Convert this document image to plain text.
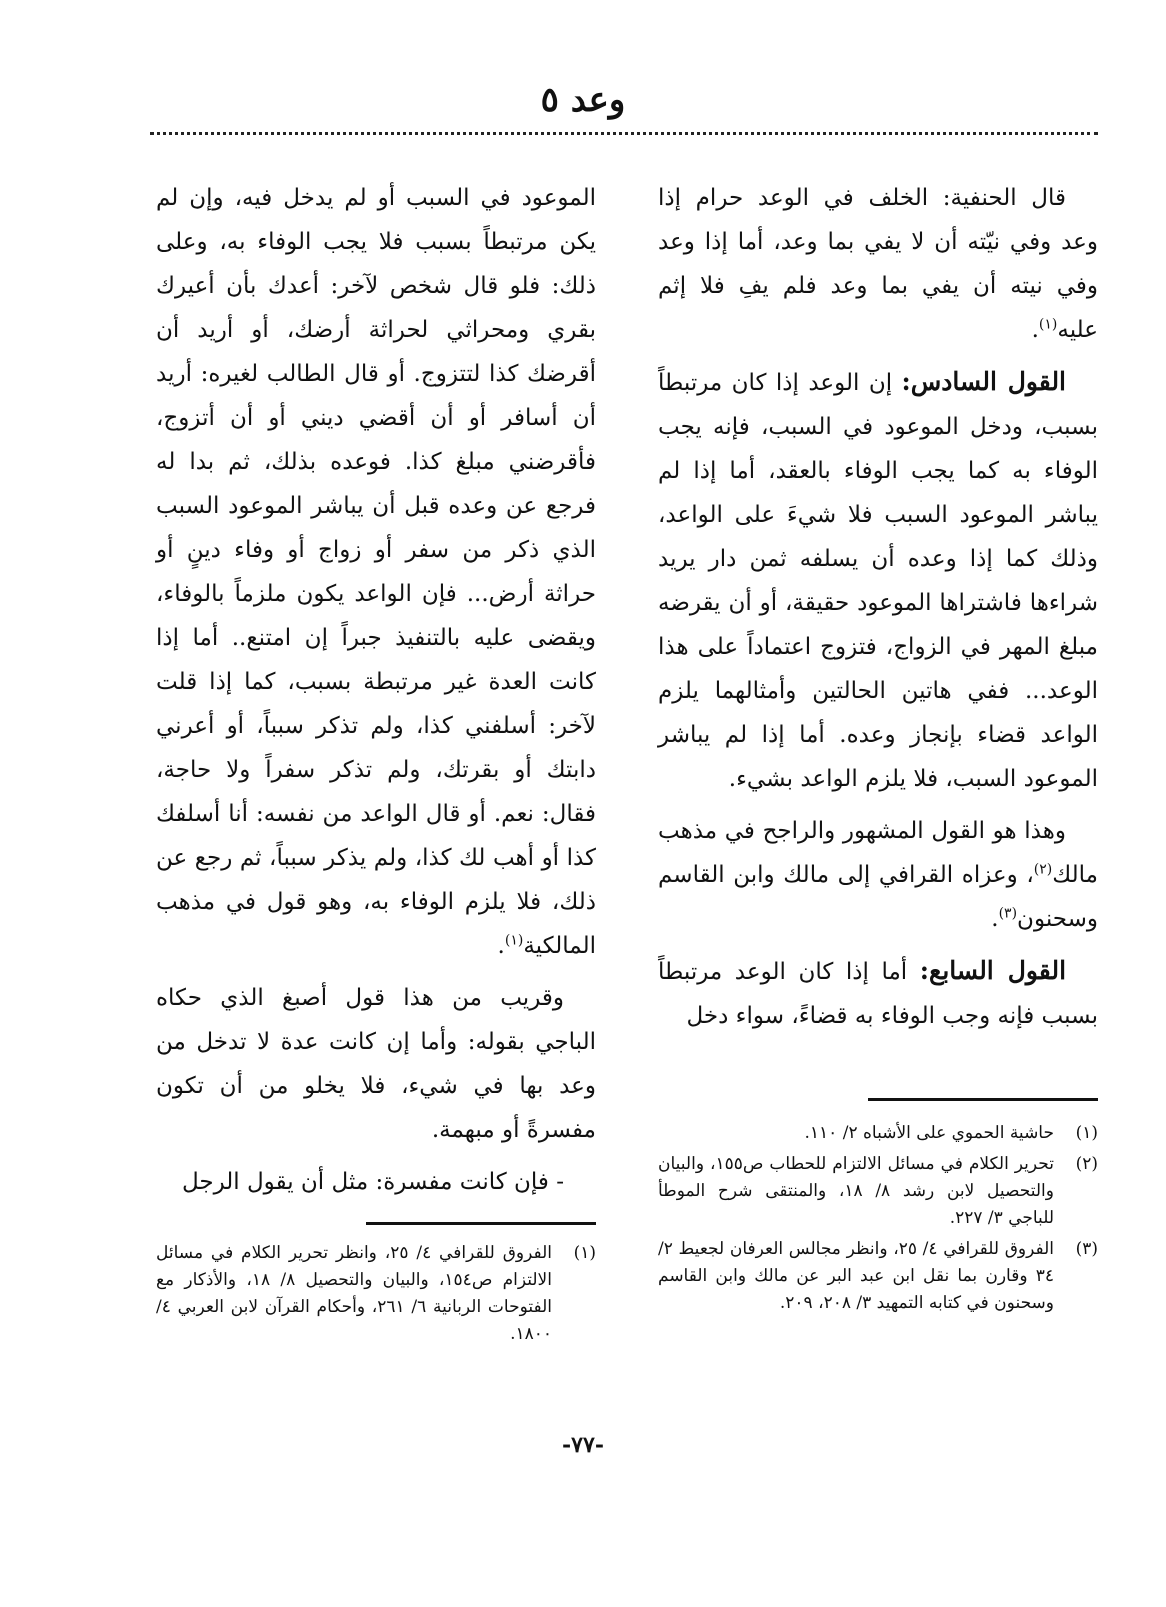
وعد ٥

قال الحنفية: الخلف في الوعد حرام إذا وعد وفي نيّته أن لا يفي بما وعد، أما إذا وعد وفي نيته أن يفي بما وعد فلم يفِ فلا إثم عليه$^{(١)}$.

القول السادس: إن الوعد إذا كان مرتبطاً بسبب، ودخل الموعود في السبب، فإنه يجب الوفاء به كما يجب الوفاء بالعقد، أما إذا لم يباشر الموعود السبب فلا شيءَ على الواعد، وذلك كما إذا وعده أن يسلفه ثمن دار يريد شراءها فاشتراها الموعود حقيقة، أو أن يقرضه مبلغ المهر في الزواج، فتزوج اعتماداً على هذا الوعد... ففي هاتين الحالتين وأمثالهما يلزم الواعد قضاء بإنجاز وعده. أما إذا لم يباشر الموعود السبب، فلا يلزم الواعد بشيء.

وهذا هو القول المشهور والراجح في مذهب مالك$^{(٢)}$، وعزاه القرافي إلى مالك وابن القاسم وسحنون$^{(٣)}$.

القول السابع: أما إذا كان الوعد مرتبطاً بسبب فإنه وجب الوفاء به قضاءً، سواء دخل

الموعود في السبب أو لم يدخل فيه، وإن لم يكن مرتبطاً بسبب فلا يجب الوفاء به، وعلى ذلك: فلو قال شخص لآخر: أعدك بأن أعيرك بقري ومحراثي لحراثة أرضك، أو أريد أن أقرضك كذا لتتزوج. أو قال الطالب لغيره: أريد أن أسافر أو أن أقضي ديني أو أن أتزوج، فأقرضني مبلغ كذا. فوعده بذلك، ثم بدا له فرجع عن وعده قبل أن يباشر الموعود السبب الذي ذكر من سفر أو زواج أو وفاء دينٍ أو حراثة أرض... فإن الواعد يكون ملزماً بالوفاء، ويقضى عليه بالتنفيذ جبراً إن امتنع.. أما إذا كانت العدة غير مرتبطة بسبب، كما إذا قلت لآخر: أسلفني كذا، ولم تذكر سبباً، أو أعرني دابتك أو بقرتك، ولم تذكر سفراً ولا حاجة، فقال: نعم. أو قال الواعد من نفسه: أنا أسلفك كذا أو أهب لك كذا، ولم يذكر سبباً، ثم رجع عن ذلك، فلا يلزم الوفاء به، وهو قول في مذهب المالكية$^{(١)}$.

وقريب من هذا قول أصبغ الذي حكاه الباجي بقوله: وأما إن كانت عدة لا تدخل من وعد بها في شيء، فلا يخلو من أن تكون مفسرةً أو مبهمة.

- فإن كانت مفسرة: مثل أن يقول الرجل

(١)
حاشية الحموي على الأشباه ٢/ ١١٠.
(٢)
تحرير الكلام في مسائل الالتزام للحطاب ص١٥٥، والبيان والتحصيل لابن رشد ٨/ ١٨، والمنتقى شرح الموطأ للباجي ٣/ ٢٢٧.
(٣)
الفروق للقرافي ٤/ ٢٥، وانظر مجالس العرفان لجعيط ٢/ ٣٤ وقارن بما نقل ابن عبد البر عن مالك وابن القاسم وسحنون في كتابه التمهيد ٣/ ٢٠٨، ٢٠٩.
(١)
الفروق للقرافي ٤/ ٢٥، وانظر تحرير الكلام في مسائل الالتزام ص١٥٤، والبيان والتحصيل ٨/ ١٨، والأذكار مع الفتوحات الربانية ٦/ ٢٦١، وأحكام القرآن لابن العربي ٤/ ١٨٠٠.
-٧٧-
